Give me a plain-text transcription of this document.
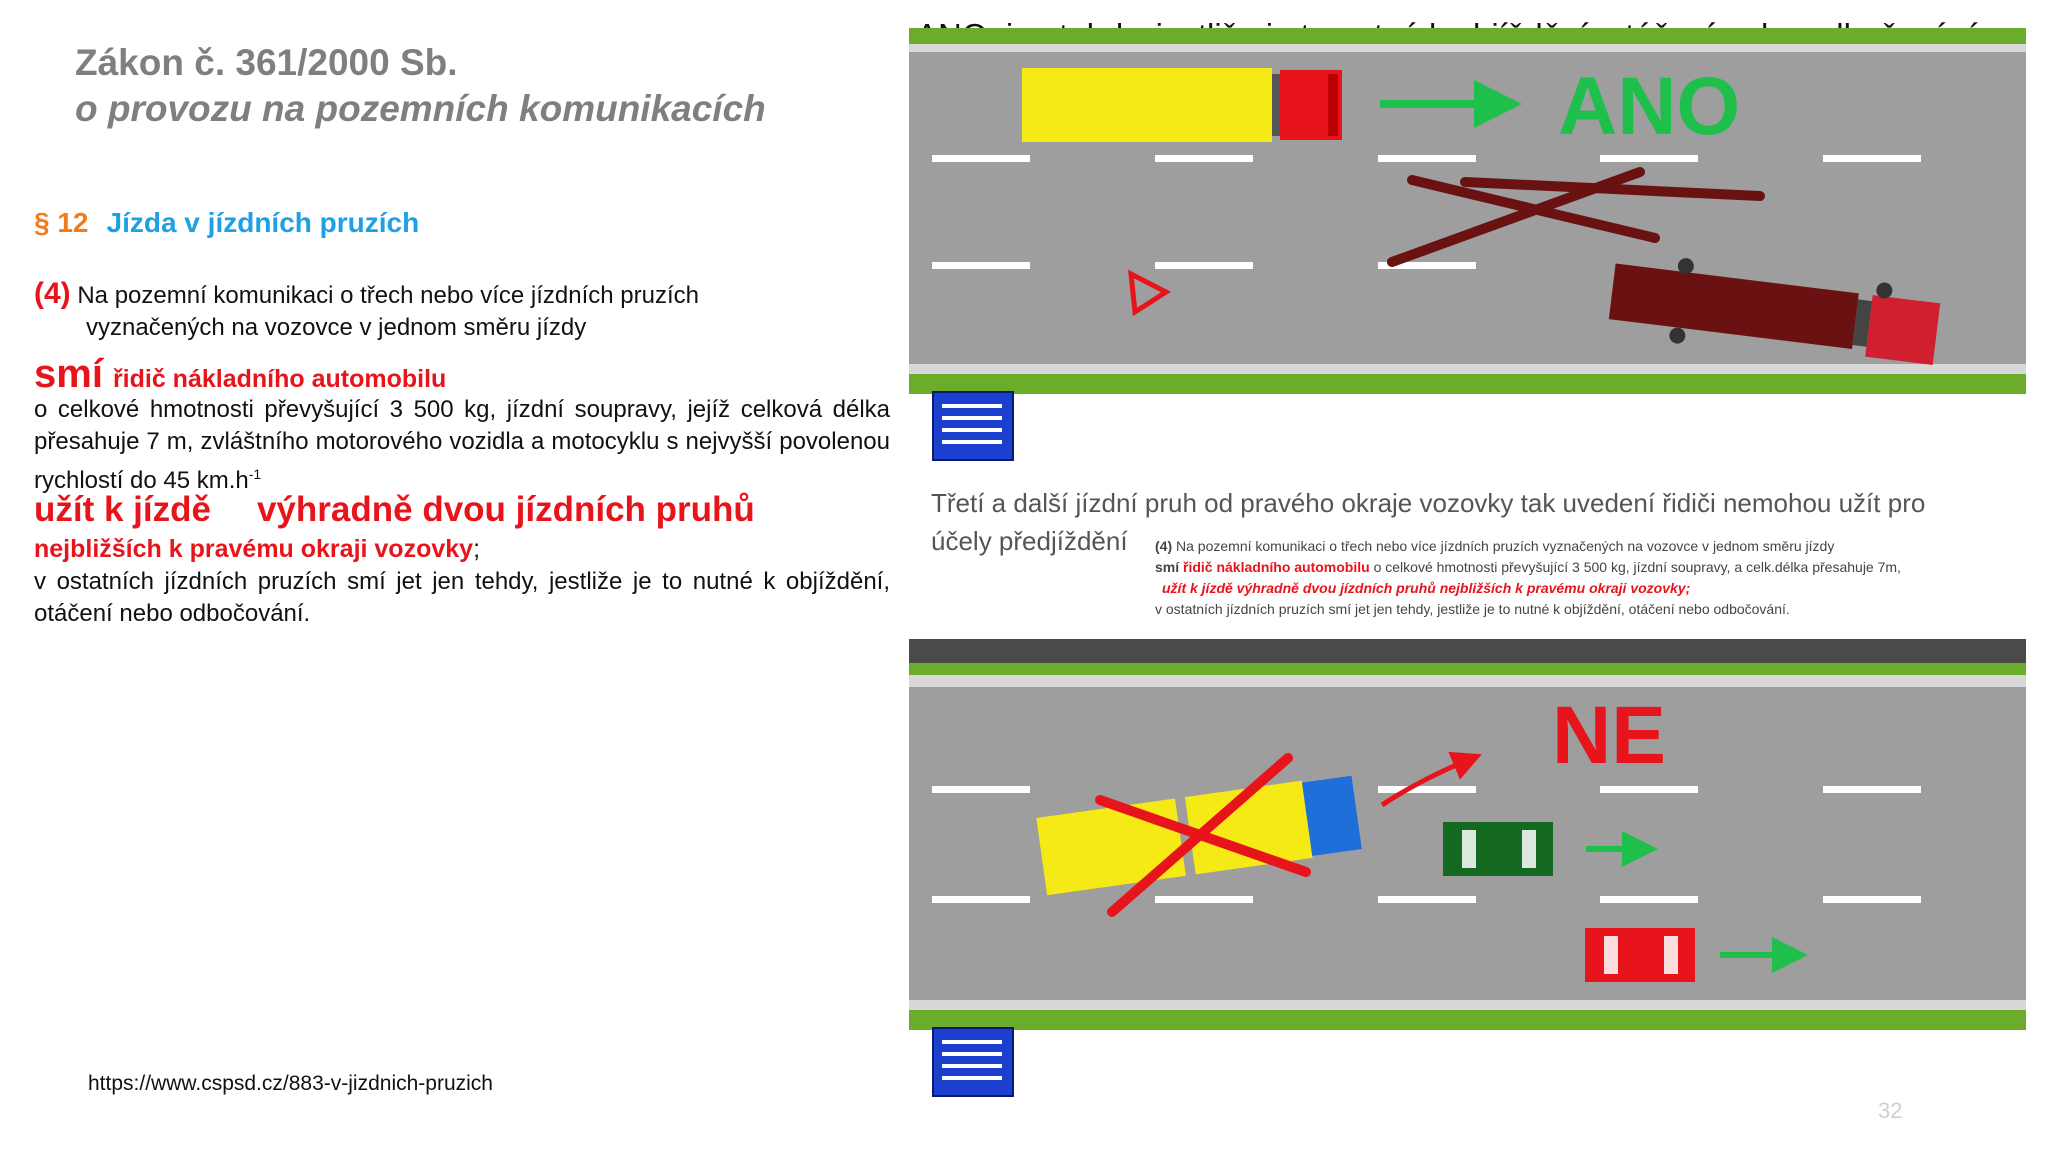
Zákon č. 361/2000 Sb.
o provozu na pozemních komunikacích
§ 12 Jízda v jízdních pruzích
(4) Na pozemní komunikaci o třech nebo více jízdních pruzích
vyznačených na vozovce v jednom směru jízdy
smí řidič nákladního automobilu
o celkové hmotnosti převyšující 3 500 kg, jízdní soupravy, jejíž celková délka přesahuje 7 m, zvláštního motorového vozidla a motocyklu s nejvyšší povolenou rychlostí do 45 $km.h^{-1}$
užít k jízdě výhradně dvou jízdních pruhů
nejbližších k pravému okraji vozovky;
v ostatních jízdních pruzích smí jet jen tehdy, jestliže je to nutné k objíždění, otáčení nebo odbočování.
https://www.cspsd.cz/883-v-jizdnich-pruzich
32
ANO
Třetí a další jízdní pruh od pravého okraje vozovky tak uvedení řidiči nemohou užít pro
účely předjíždění (4) Na pozemní komunikaci o třech nebo více jízdních pruzích vyznačených na vozovce v jednom směru jízdy
smí řidič nákladního automobilu o celkové hmotnosti převyšující 3 500 kg, jízdní soupravy, a celk.délka přesahuje 7m,
užít k jízdě výhradně dvou jízdních pruhů nejbližších k pravému okraji vozovky;
v ostatních jízdních pruzích smí jet jen tehdy, jestliže je to nutné k objíždění, otáčení nebo odbočování.
NE
